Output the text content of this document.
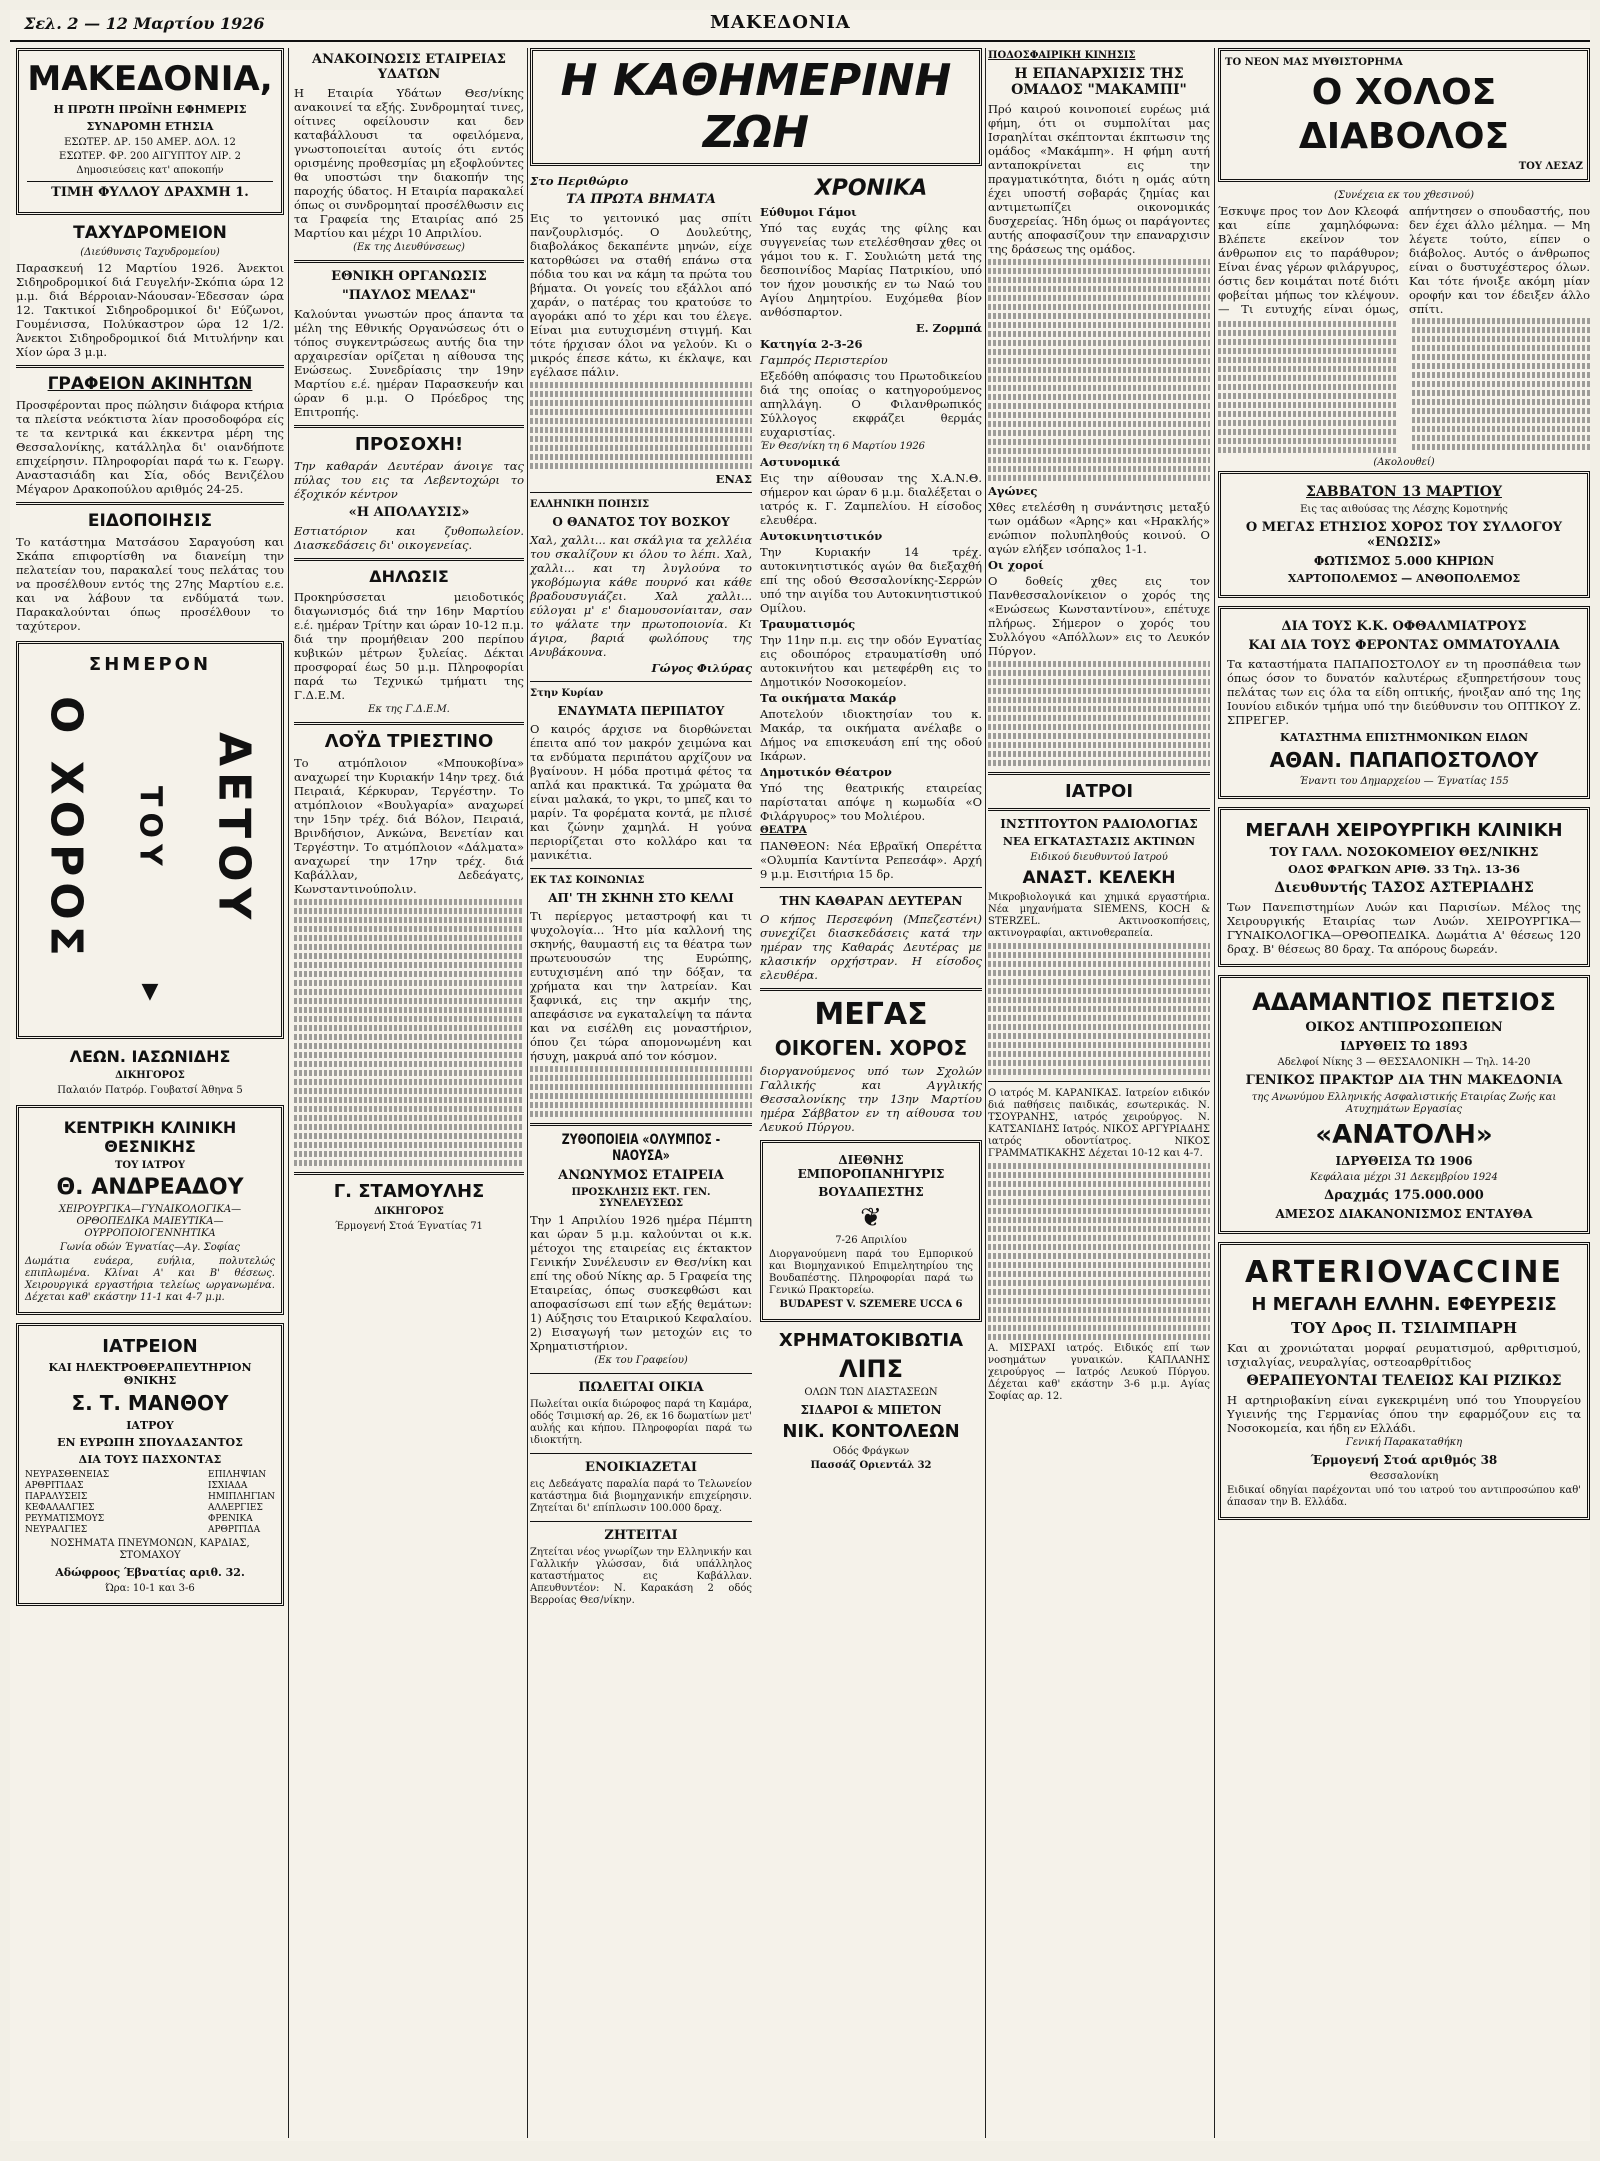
Σελ. 2 — 12 Μαρτίου 1926	ΜΑΚΕΔΟΝΙΑ
ΜΑΚΕΔΟΝΙΑ,
Η ΠΡΩΤΗ ΠΡΩΪΝΗ ΕΦΗΜΕΡΙΣ
ΣΥΝΔΡΟΜΗ ΕΤΗΣΙΑ
ΕΣΩΤΕΡ. ΔΡ. 150 ΑΜΕΡ. ΔΟΛ. 12
ΕΣΩΤΕΡ. ΦΡ. 200 ΑΙΓΥΠΤΟΥ ΛΙΡ. 2
Δημοσιεύσεις κατ' αποκοπήν
ΤΙΜΗ ΦΥΛΛΟΥ ΔΡΑΧΜΗ 1.
ΤΑΧΥΔΡΟΜΕΙΟΝ
(Διεύθυνσις Ταχυδρομείου)
Παρασκευή 12 Μαρτίου 1926. Άνεκτοι Σιδηροδρομικοί διά Γευγελήν-Σκόπια ώρα 12 μ.μ. διά Βέρροιαν-Νάουσαν-Έδεσσαν ώρα 12. Τακτικοί Σιδηροδρομικοί δι' Εύζωνοι, Γουμένισσα, Πολύκαστρον ώρα 12 1/2. Άνεκτοι Σιδηροδρομικοί διά Μιτυλήνην και Χίον ώρα 3 μ.μ.
ΓΡΑΦΕΙΟΝ ΑΚΙΝΗΤΩΝ
Προσφέρονται προς πώλησιν διάφορα κτήρια τα πλείστα νεόκτιστα λίαν προσοδοφόρα είς τε τα κεντρικά και έκκεντρα μέρη της Θεσσαλονίκης, κατάλληλα δι' οιανδήποτε επιχείρησιν. Πληροφορίαι παρά τω κ. Γεωργ. Αναστασιάδη και Σία, οδός Βενιζέλου Μέγαρον Δρακοπούλου αριθμός 24-25.
ΕΙΔΟΠΟΙΗΣΙΣ
Το κατάστημα Ματσάσου Σαραγούση και Σκάπα επιφορτίσθη να διανείμη την πελατείαν του, παρακαλεί τους πελάτας του να προσέλθουν εντός της 27ης Μαρτίου ε.ε. και να λάβουν τα ενδύματά των. Παρακαλούνται όπως προσέλθουν το ταχύτερον.
ΣΗΜΕΡΟΝ
Ο ΧΟΡΟΣ ΤΟΥ ΑΕΤΟΥ
▼
ΛΕΩΝ. ΙΑΣΩΝΙΔΗΣ
ΔΙΚΗΓΟΡΟΣ
Παλαιόν Πατρόρ. Γουβατσί Άθηνα 5
ΚΕΝΤΡΙΚΗ ΚΛΙΝΙΚΗ ΘΕΣΝΙΚΗΣ
ΤΟΥ ΙΑΤΡΟΥ
Θ. ΑΝΔΡΕΑΔΟΥ
ΧΕΙΡΟΥΡΓΙΚΑ—ΓΥΝΑΙΚΟΛΟΓΙΚΑ—ΟΡΘΟΠΕΔΙΚΑ ΜΑΙΕΥΤΙΚΑ—ΟΥΡΡΟΠΟΙΟΓΕΝΝΗΤΙΚΑ
Γωνία οδών Έγνατίας—Αγ. Σοφίας
Δωμάτια ευάερα, ευήλια, πολυτελώς επιπλωμένα. Κλίναι Α' και Β' θέσεως. Χειρουργικά εργαστήρια τελείως ωργανωμένα. Δέχεται καθ' εκάστην 11-1 και 4-7 μ.μ.
ΙΑΤΡΕΙΟΝ
ΚΑΙ ΗΛΕΚΤΡΟΘΕΡΑΠΕΥΤΗΡΙΟΝ ΘΝΙΚΗΣ
Σ. Τ. ΜΑΝΘΟΥ
ΙΑΤΡΟΥ
ΕΝ ΕΥΡΩΠΗ ΣΠΟΥΔΑΣΑΝΤΟΣ
ΔΙΑ ΤΟΥΣ ΠΑΣΧΟΝΤΑΣ
ΝΕΥΡΑΣΘΕΝΕΙΑΣ
ΑΡΘΡΙΤΙΔΑΣ
ΠΑΡΑΛΥΣΕΙΣ
ΚΕΦΑΛΑΛΓΙΕΣ
ΡΕΥΜΑΤΙΣΜΟΥΣ
ΝΕΥΡΑΛΓΙΕΣ
ΕΠΙΛΗΨΙΑΝ
ΙΣΧΙΑΔΑ
ΗΜΙΠΛΗΓΙΑΝ
ΑΛΛΕΡΓΙΕΣ
ΦΡΕΝΙΚΑ
ΑΡΘΡΙΤΙΔΑ
ΝΟΣΗΜΑΤΑ ΠΝΕΥΜΟΝΩΝ, ΚΑΡΔΙΑΣ, ΣΤΟΜΑΧΟΥ
Αδώφροος Έβνατίας αριθ. 32.
Ώρα: 10-1 και 3-6
ΑΝΑΚΟΙΝΩΣΙΣ ΕΤΑΙΡΕΙΑΣ ΥΔΑΤΩΝ
Η Εταιρία Υδάτων Θεσ/νίκης ανακοινεί τα εξής. Συνδρομηταί τινες, οίτινες οφείλουσιν και δεν καταβάλλουσι τα οφειλόμενα, γνωστοποιείται αυτοίς ότι εντός ορισμένης προθεσμίας μη εξοφλούντες θα υποστώσι την διακοπήν της παροχής ύδατος. Η Εταιρία παρακαλεί όπως οι συνδρομηταί προσέλθωσιν εις τα Γραφεία της Εταιρίας από 25 Μαρτίου και μέχρι 10 Απριλίου.
(Εκ της Διευθύνσεως)
ΕΘΝΙΚΗ ΟΡΓΑΝΩΣΙΣ
"ΠΑΥΛΟΣ ΜΕΛΑΣ"
Καλούνται γνωστών προς άπαντα τα μέλη της Εθνικής Οργανώσεως ότι ο τόπος συγκεντρώσεως αυτής δια την αρχαιρεσίαν ορίζεται η αίθουσα της Ενώσεως. Συνεδρίασις την 19ην Μαρτίου ε.έ. ημέραν Παρασκευήν και ώραν 6 μ.μ. Ο Πρόεδρος της Επιτροπής.
ΠΡΟΣΟΧΗ!
Την καθαράν Δευτέραν άνοιγε τας πύλας του εις τα Λεβεντοχώρι το έξοχικόν κέντρον
«Η ΑΠΟΛΑΥΣΙΣ»
Εστιατόριον και ζυθοπωλείον. Διασκεδάσεις δι' οικογενείας.
ΔΗΛΩΣΙΣ
Προκηρύσσεται μειοδοτικός διαγωνισμός διά την 16ην Μαρτίου ε.έ. ημέραν Τρίτην και ώραν 10-12 π.μ. διά την προμήθειαν 200 περίπου κυβικών μέτρων ξυλείας. Δέκται προσφοραί έως 50 μ.μ. Πληροφορίαι παρά τω Τεχνικώ τμήματι της Γ.Δ.Ε.Μ.
Εκ της Γ.Δ.Ε.Μ.
ΛΟΫΔ ΤΡΙΕΣΤΙΝΟ
Το ατμόπλοιον «Μπουκοβίνα» αναχωρεί την Κυριακήν 14ην τρεχ. διά Πειραιά, Κέρκυραν, Τεργέστην. Το ατμόπλοιον «Βουλγαρία» αναχωρεί την 15ην τρέχ. διά Βόλον, Πειραιά, Βρινδήσιον, Ανκώνα, Βενετίαν και Τεργέστην. Το ατμόπλοιον «Δάλματα» αναχωρεί την 17ην τρέχ. διά Καβάλλαν, Δεδεάγατς, Κωνσταντινούπολιν.
Γ. ΣΤΑΜΟΥΛΗΣ
ΔΙΚΗΓΟΡΟΣ
Έρμογενή Στοά Έγνατίας 71
Η ΚΑΘΗΜΕΡΙΝΗ ΖΩΗ
Στο Περιθώριο
ΤΑ ΠΡΩΤΑ ΒΗΜΑΤΑ
Εις το γειτονικό μας σπίτι πανζουρλισμός. Ο Δουλεύτης, διαβολάκος δεκαπέντε μηνών, είχε κατορθώσει να σταθή επάνω στα πόδια του και να κάμη τα πρώτα του βήματα. Οι γονείς του εξάλλοι από χαράν, ο πατέρας του κρατούσε το αγοράκι από το χέρι και του έλεγε. Είναι μια ευτυχισμένη στιγμή. Και τότε ήρχισαν όλοι να γελούν. Κι ο μικρός έπεσε κάτω, κι έκλαψε, και εγέλασε πάλιν.
ΕΝΑΣ
ΕΛΛΗΝΙΚΗ ΠΟΙΗΣΙΣ
Ο ΘΑΝΑΤΟΣ ΤΟΥ ΒΟΣΚΟΥ
Χαλ, χαλλι... και σκάλγια τα χελλέια του σκαλίζουν κι όλου το λέπι. Χαλ, χαλλι... και τη λυγλούνα το γκοβόμωγια κάθε πουρνό και κάθε βραδουσυγιάζει. Χαλ χαλλι... εύλογαι μ' ε' διαμουσονίαιταν, σαν το ψάλατε την πρωτοποιονία. Κι άγιρα, βαριά φωλόπους της Ανυβάκουνα.
Γώγος Φιλύρας
Στην Κυρίαν
ΕΝΔΥΜΑΤΑ ΠΕΡΙΠΑΤΟΥ
Ο καιρός άρχισε να διορθώνεται έπειτα από τον μακρόν χειμώνα και τα ενδύματα περιπάτου αρχίζουν να βγαίνουν. Η μόδα προτιμά φέτος τα απλά και πρακτικά. Τα χρώματα θα είναι μαλακά, το γκρι, το μπεζ και το μαρίν. Τα φορέματα κοντά, με πλισέ και ζώνην χαμηλά. Η γούνα περιορίζεται στο κολλάρο και τα μανικέτια.
ΕΚ ΤΑΣ ΚΟΙΝΩΝΙΑΣ
ΑΠ' ΤΗ ΣΚΗΝΗ ΣΤΟ ΚΕΛΛΙ
Τι περίεργος μεταστροφή και τι ψυχολογία... Ήτο μία καλλονή της σκηνής, θαυμαστή εις τα θέατρα των πρωτευουσών της Ευρώπης, ευτυχισμένη από την δόξαν, τα χρήματα και την λατρείαν. Και ξαφνικά, εις την ακμήν της, απεφάσισε να εγκαταλείψη τα πάντα και να εισέλθη εις μοναστήριον, όπου ζει τώρα απομονωμένη και ήσυχη, μακρυά από τον κόσμον.
ΖΥΘΟΠΟΙΕΙΑ «ΟΛΥΜΠΟΣ - ΝΑΟΥΣΑ»
ΑΝΩΝΥΜΟΣ ΕΤΑΙΡΕΙΑ
ΠΡΟΣΚΛΗΣΙΣ ΕΚΤ. ΓΕΝ. ΣΥΝΕΛΕΥΣΕΩΣ
Την 1 Απριλίου 1926 ημέρα Πέμπτη και ώραν 5 μ.μ. καλούνται οι κ.κ. μέτοχοι της εταιρείας εις έκτακτον Γενικήν Συνέλευσιν εν Θεσ/νίκη και επί της οδού Νίκης αρ. 5 Γραφεία της Εταιρείας, όπως συσκεφθώσι και αποφασίσωσι επί των εξής θεμάτων: 1) Αύξησις του Εταιρικού Κεφαλαίου. 2) Εισαγωγή των μετοχών εις το Χρηματιστήριον.
(Εκ του Γραφείου)
ΠΩΛΕΙΤΑΙ ΟΙΚΙΑ
Πωλείται οικία διώροφος παρά τη Καμάρα, οδός Τσιμισκή αρ. 26, εκ 16 δωματίων μετ' αυλής και κήπου. Πληροφορίαι παρά τω ιδιοκτήτη.
ΕΝΟΙΚΙΑΖΕΤΑΙ
εις Δεδεάγατς παραλία παρά το Τελωνείον κατάστημα διά βιομηχανικήν επιχείρησιν. Ζητείται δι' επίπλωσιν 100.000 δραχ.
ΖΗΤΕΙΤΑΙ
Ζητείται νέος γνωρίζων την Ελληνικήν και Γαλλικήν γλώσσαν, διά υπάλληλος καταστήματος εις Καβάλλαν. Απευθυντέον: Ν. Καρακάση 2 οδός Βερροίας Θεσ/νίκην.
ΧΡΟΝΙΚΑ
Εύθυμοι Γάμοι
Υπό τας ευχάς της φίλης και συγγενείας των ετελέσθησαν χθες οι γάμοι του κ. Γ. Σουλιώτη μετά της δεσποινίδος Μαρίας Πατρικίου, υπό τον ήχον μουσικής εν τω Ναώ του Αγίου Δημητρίου. Ευχόμεθα βίον ανθόσπαρτον.
Ε. Ζορμπά
Κατηγία 2-3-26
Γαμπρός Περιστερίου
Εξεδόθη απόφασις του Πρωτοδικείου διά της οποίας ο κατηγορούμενος απηλλάγη. Ο Φιλανθρωπικός Σύλλογος εκφράζει θερμάς ευχαριστίας.
Έν Θεσ/νίκη τη 6 Μαρτίου 1926
Αστυνομικά
Εις την αίθουσαν της Χ.Α.Ν.Θ. σήμερον και ώραν 6 μ.μ. διαλέξεται ο ιατρός κ. Γ. Ζαμπελίου. Η είσοδος ελευθέρα.
Αυτοκινητιστικόν
Την Κυριακήν 14 τρέχ. αυτοκινητιστικός αγών θα διεξαχθή επί της οδού Θεσσαλονίκης-Σερρών υπό την αιγίδα του Αυτοκινητιστικού Ομίλου.
Τραυματισμός
Την 11ην π.μ. εις την οδόν Εγνατίας εις οδοιπόρος ετραυματίσθη υπό αυτοκινήτου και μετεφέρθη εις το Δημοτικόν Νοσοκομείον.
Τα οικήματα Μακάρ
Αποτελούν ιδιοκτησίαν του κ. Μακάρ, τα οικήματα ανέλαβε ο Δήμος να επισκευάση επί της οδού Ικάρων.
Δημοτικόν Θέατρον
Υπό της θεατρικής εταιρείας παρίσταται απόψε η κωμωδία «Ο Φιλάργυρος» του Μολιέρου.
ΘΕΑΤΡΑ
ΠΑΝΘΕΟΝ: Νέα Εβραϊκή Οπερέττα «Ολυμπία Καντίντα Ρεπεσάφ». Αρχή 9 μ.μ. Εισιτήρια 15 δρ.
ΤΗΝ ΚΑΘΑΡΑΝ ΔΕΥΤΕΡΑΝ
Ο κήπος Περσεφόνη (Μπεζεστένι) συνεχίζει διασκεδάσεις κατά την ημέραν της Καθαράς Δευτέρας με κλασικήν ορχήστραν. Η είσοδος ελευθέρα.
ΜΕΓΑΣ
ΟΙΚΟΓΕΝ. ΧΟΡΟΣ
διοργανούμενος υπό των Σχολών Γαλλικής και Αγγλικής Θεσσαλονίκης την 13ην Μαρτίου ημέρα Σάββατον εν τη αίθουσα του Λευκού Πύργου.
ΔΙΕΘΝΗΣ ΕΜΠΟΡΟΠΑΝΗΓΥΡΙΣ
ΒΟΥΔΑΠΕΣΤΗΣ
❦
7-26 Απριλίου
Διοργανούμενη παρά του Εμπορικού και Βιομηχανικού Επιμελητηρίου της Βουδαπέστης. Πληροφορίαι παρά τω Γενικώ Πρακτορείω.
BUDAPEST V. SZEMERE UCCA 6
ΧΡΗΜΑΤΟΚΙΒΩΤΙΑ
ΛΙΠΣ
ΟΛΩΝ ΤΩΝ ΔΙΑΣΤΑΣΕΩΝ
ΣΙΔΑΡΟΙ & ΜΠΕΤΟΝ
ΝΙΚ. ΚΟΝΤΟΛΕΩΝ
Οδός Φράγκων
Πασσάζ Οριεντάλ 32
ΠΟΔΟΣΦΑΙΡΙΚΗ ΚΙΝΗΣΙΣ
Η ΕΠΑΝΑΡΧΙΣΙΣ ΤΗΣ ΟΜΑΔΟΣ "ΜΑΚΑΜΠΙ"
Πρό καιρού κοινοποιεί ευρέως μιά φήμη, ότι οι συμπολίται μας Ισραηλίται σκέπτονται έκπτωσιν της ομάδος «Μακάμπη». Η φήμη αυτή ανταποκρίνεται εις την πραγματικότητα, διότι η ομάς αύτη έχει υποστή σοβαράς ζημίας και αντιμετωπίζει οικονομικάς δυσχερείας. Ήδη όμως οι παράγοντες αυτής αποφασίζουν την επαναρχισιν της δράσεως της ομάδος.
Αγώνες
Χθες ετελέσθη η συνάντησις μεταξύ των ομάδων «Άρης» και «Ηρακλής» ενώπιον πολυπληθούς κοινού. Ο αγών ελήξεν ισόπαλος 1-1.
Οι χοροί
Ο δοθείς χθες εις τον Πανθεσσαλονίκειον ο χορός της «Ενώσεως Κωνσταντίνου», επέτυχε πλήρως. Σήμερον ο χορός του Συλλόγου «Απόλλων» εις το Λευκόν Πύργον.
ΙΑΤΡΟΙ
ΙΝΣΤΙΤΟΥΤΟΝ ΡΑΔΙΟΛΟΓΙΑΣ
ΝΕΑ ΕΓΚΑΤΑΣΤΑΣΙΣ ΑΚΤΙΝΩΝ
Ειδικού διευθυντού Ιατρού
ΑΝΑΣΤ. ΚΕΛΕΚΗ
Μικροβιολογικά και χημικά εργαστήρια. Νέα μηχανήματα SIEMENS, KOCH & STERZEL. Ακτινοσκοπήσεις, ακτινογραφίαι, ακτινοθεραπεία.
Ο ιατρός Μ. ΚΑΡΑΝΙΚΑΣ. Ιατρείον ειδικόν διά παθήσεις παιδικάς, εσωτερικάς. Ν. ΤΣΟΥΡΑΝΗΣ, ιατρός χειρούργος. Ν. ΚΑΤΣΑΝΙΔΗΣ Ιατρός. ΝΙΚΟΣ ΑΡΓΥΡΙΑΔΗΣ ιατρός οδοντίατρος. ΝΙΚΟΣ ΓΡΑΜΜΑΤΙΚΑΚΗΣ Δέχεται 10-12 και 4-7.
Α. ΜΙΣΡΑΧΙ ιατρός. Ειδικός επί των νοσημάτων γυναικών. ΚΑΠΛΑΝΗΣ χειρούργος — Ιατρός Λευκού Πύργου. Δέχεται καθ' εκάστην 3-6 μ.μ. Αγίας Σοφίας αρ. 12.
ΤΟ ΝΕΟΝ ΜΑΣ ΜΥΘΙΣΤΟΡΗΜΑ
Ο ΧΟΛΟΣ ΔΙΑΒΟΛΟΣ
ΤΟΥ ΛΕΣΑΖ
(Συνέχεια εκ του χθεσινού)
Έσκυψε προς τον Δον Κλεοφά και είπε χαμηλόφωνα: Βλέπετε εκείνον τον άνθρωπον εις το παράθυρον; Είναι ένας γέρων φιλάργυρος, όστις δεν κοιμάται ποτέ διότι φοβείται μήπως τον κλέψουν. — Τι ευτυχής είναι όμως, απήντησεν ο σπουδαστής, που δεν έχει άλλο μέλημα. — Μη λέγετε τούτο, είπεν ο διάβολος. Αυτός ο άνθρωπος είναι ο δυστυχέστερος όλων. Και τότε ήνοιξε ακόμη μίαν οροφήν και τον έδειξεν άλλο σπίτι.
(Ακολουθεί)
ΣΑΒΒΑΤΟΝ 13 ΜΑΡΤΙΟΥ
Εις τας αιθούσας της Λέσχης Κομοτηνής
Ο ΜΕΓΑΣ ΕΤΗΣΙΟΣ ΧΟΡΟΣ ΤΟΥ ΣΥΛΛΟΓΟΥ «ΕΝΩΣΙΣ»
ΦΩΤΙΣΜΟΣ 5.000 ΚΗΡΙΩΝ
ΧΑΡΤΟΠΟΛΕΜΟΣ — ΑΝΘΟΠΟΛΕΜΟΣ
ΔΙΑ ΤΟΥΣ Κ.Κ. ΟΦΘΑΛΜΙΑΤΡΟΥΣ
ΚΑΙ ΔΙΑ ΤΟΥΣ ΦΕΡΟΝΤΑΣ ΟΜΜΑΤΟΥΑΛΙΑ
Τα καταστήματα ΠΑΠΑΠΟΣΤΟΛΟΥ εν τη προσπάθεια των όπως όσον το δυνατόν καλυτέρως εξυπηρετήσουν τους πελάτας των εις όλα τα είδη οπτικής, ήνοιξαν από της 1ης Ιουνίου ειδικόν τμήμα υπό την διεύθυνσιν του ΟΠΤΙΚΟΥ Ζ. ΣΠΡΕΓΕΡ.
ΚΑΤΑΣΤΗΜΑ ΕΠΙΣΤΗΜΟΝΙΚΩΝ ΕΙΔΩΝ
ΑΘΑΝ. ΠΑΠΑΠΟΣΤΟΛΟΥ
Έναντι του Δημαρχείου — Έγνατίας 155
ΜΕΓΑΛΗ ΧΕΙΡΟΥΡΓΙΚΗ ΚΛΙΝΙΚΗ
ΤΟΥ ΓΑΛΛ. ΝΟΣΟΚΟΜΕΙΟΥ ΘΕΣ/ΝΙΚΗΣ
ΟΔΟΣ ΦΡΑΓΚΩΝ ΑΡΙΘ. 33 Τηλ. 13-36
Διευθυντής ΤΑΣΟΣ ΑΣΤΕΡΙΑΔΗΣ
Των Πανεπιστημίων Λυών και Παρισίων. Μέλος της Χειρουργικής Εταιρίας των Λυών. ΧΕΙΡΟΥΡΓΙΚΑ—ΓΥΝΑΙΚΟΛΟΓΙΚΑ—ΟΡΘΟΠΕΔΙΚΑ. Δωμάτια Α' θέσεως 120 δραχ. Β' θέσεως 80 δραχ. Τα απόρους δωρεάν.
ΑΔΑΜΑΝΤΙΟΣ ΠΕΤΣΙΟΣ
ΟΙΚΟΣ ΑΝΤΙΠΡΟΣΩΠΕΙΩΝ
ΙΔΡΥΘΕΙΣ ΤΩ 1893
Αδελφοί Νίκης 3 — ΘΕΣΣΑΛΟΝΙΚΗ — Τηλ. 14-20
ΓΕΝΙΚΟΣ ΠΡΑΚΤΩΡ ΔΙΑ ΤΗΝ ΜΑΚΕΔΟΝΙΑ
της Ανωνύμου Ελληνικής Ασφαλιστικής Εταιρίας Ζωής και Ατυχημάτων Εργασίας
«ΑΝΑΤΟΛΗ»
ΙΔΡΥΘΕΙΣΑ ΤΩ 1906
Κεφάλαια μέχρι 31 Δεκεμβρίου 1924
Δραχμάς 175.000.000
ΑΜΕΣΟΣ ΔΙΑΚΑΝΟΝΙΣΜΟΣ ΕΝΤΑΥΘΑ
ARTERIOVACCINE
Η ΜΕΓΑΛΗ ΕΛΛΗΝ. ΕΦΕΥΡΕΣΙΣ
ΤΟΥ Δρος Π. ΤΣΙΛΙΜΠΑΡΗ
Και αι χρονιώταται μορφαί ρευματισμού, αρθριτισμού, ισχιαλγίας, νευραλγίας, οστεοαρθρίτιδος
ΘΕΡΑΠΕΥΟΝΤΑΙ ΤΕΛΕΙΩΣ ΚΑΙ ΡΙΖΙΚΩΣ
Η αρτηριοβακίνη είναι εγκεκριμένη υπό του Υπουργείου Υγιεινής της Γερμανίας όπου την εφαρμόζουν εις τα Νοσοκομεία, και ήδη εν Ελλάδι.
Γενική Παρακαταθήκη
Έρμογενή Στοά αριθμός 38
Θεσσαλονίκη
Ειδικαί οδηγίαι παρέχονται υπό του ιατρού του αντιπροσώπου καθ' άπασαν την Β. Ελλάδα.
